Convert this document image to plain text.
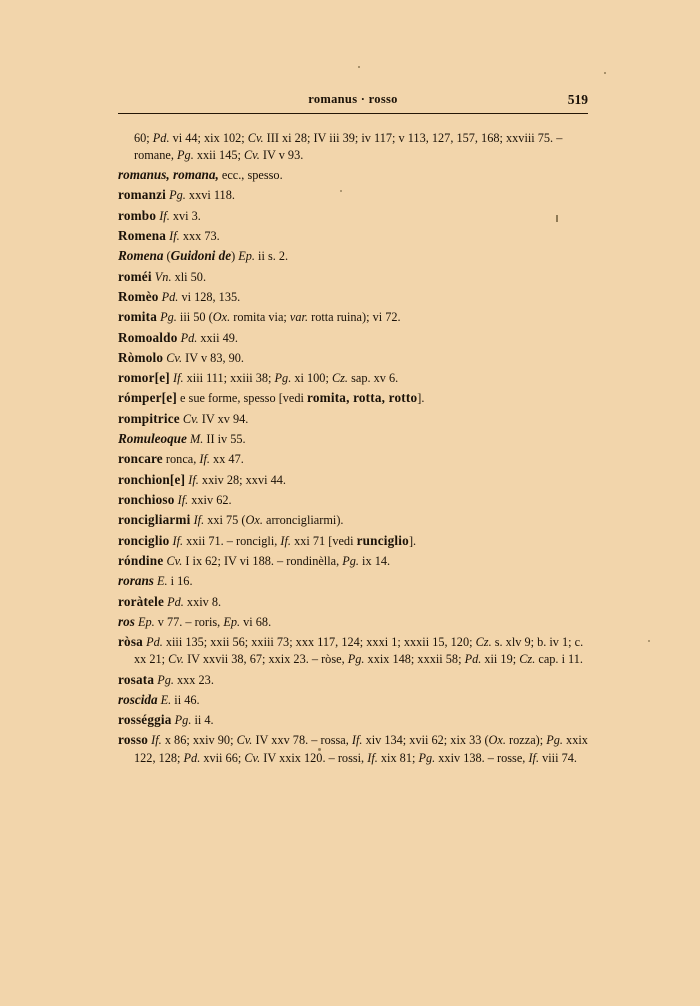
romanus · rosso	519
60; Pd. vi 44; xix 102; Cv. III xi 28; IV iii 39; iv 117; v 113, 127, 157, 168; xxviii 75. – romane, Pg. xxii 145; Cv. IV v 93.
romanus, romana, ecc., spesso.
romanzi Pg. xxvi 118.
rombo If. xvi 3.
Romena If. xxx 73.
Romena (Guidoni de) Ep. ii s. 2.
roméi Vn. xli 50.
Romèo Pd. vi 128, 135.
romita Pg. iii 50 (Ox. romita via; var. rotta ruina); vi 72.
Romoaldo Pd. xxii 49.
Ròmolo Cv. IV v 83, 90.
romor[e] If. xiii 111; xxiii 38; Pg. xi 100; Cz. sap. xv 6.
rómper[e] e sue forme, spesso [vedi romita, rotta, rotto].
rompitrice Cv. IV xv 94.
Romuleoque M. II iv 55.
roncare ronca, If. xx 47.
ronchion[e] If. xxiv 28; xxvi 44.
ronchioso If. xxiv 62.
roncigliarmi If. xxi 75 (Ox. arroncigliarmi).
ronciglio If. xxii 71. – roncigli, If. xxi 71 [vedi runciglio].
róndine Cv. I ix 62; IV vi 188. – rondinèlla, Pg. ix 14.
rorans E. i 16.
roràtele Pd. xxiv 8.
ros Ep. v 77. – roris, Ep. vi 68.
ròsa Pd. xiii 135; xxii 56; xxiii 73; xxx 117, 124; xxxi 1; xxxii 15, 120; Cz. s. xlv 9; b. iv 1; c. xx 21; Cv. IV xxvii 38, 67; xxix 23. – ròse, Pg. xxix 148; xxxii 58; Pd. xii 19; Cz. cap. i 11.
rosata Pg. xxx 23.
roscida E. ii 46.
rosséggia Pg. ii 4.
rosso If. x 86; xxiv 90; Cv. IV xxv 78. – rossa, If. xiv 134; xvii 62; xix 33 (Ox. rozza); Pg. xxix 122, 128; Pd. xvii 66; Cv. IV xxix 120. – rossi, If. xix 81; Pg. xxiv 138. – rosse, If. viii 74.
